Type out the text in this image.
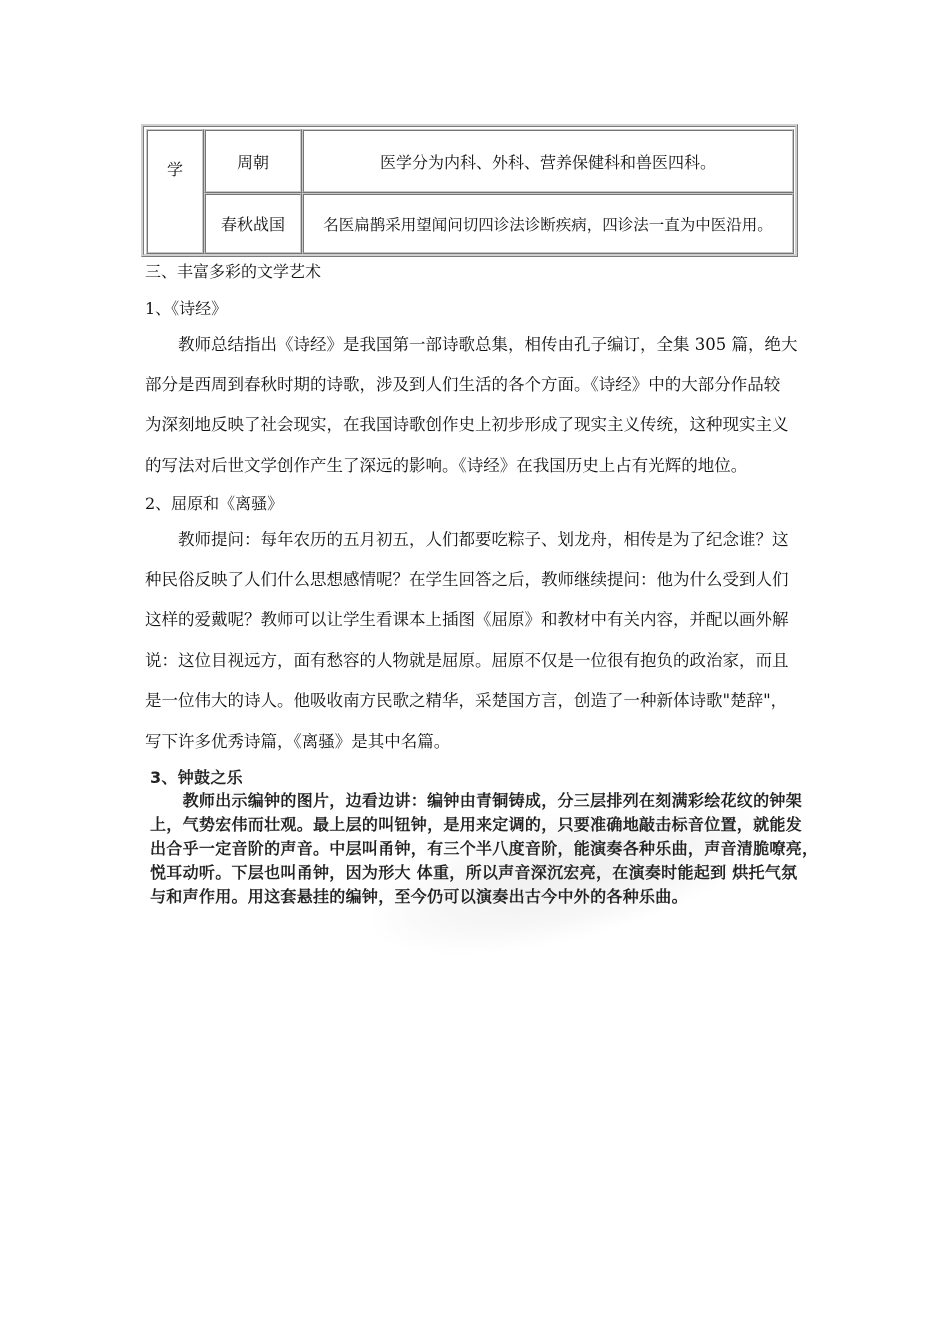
学	周朝	医学分为内科、外科、营养保健科和兽医四科。
春秋战国 名医扁鹊采用望闻问切四诊法诊断疾病，四诊法一直为中医沿用。

三、丰富多彩的文学艺术

1、《诗经》

　　教师总结指出《诗经》是我国第一部诗歌总集，相传由孔子编订，全集 305 篇，绝大
部分是西周到春秋时期的诗歌，涉及到人们生活的各个方面。《诗经》中的大部分作品较
为深刻地反映了社会现实，在我国诗歌创作史上初步形成了现实主义传统，这种现实主义
的写法对后世文学创作产生了深远的影响。《诗经》在我国历史上占有光辉的地位。

2、屈原和《离骚》

　　教师提问：每年农历的五月初五，人们都要吃粽子、划龙舟，相传是为了纪念谁？这
种民俗反映了人们什么思想感情呢？在学生回答之后，教师继续提问：他为什么受到人们
这样的爱戴呢？教师可以让学生看课本上插图《屈原》和教材中有关内容，并配以画外解
说：这位目视远方，面有愁容的人物就是屈原。屈原不仅是一位很有抱负的政治家，而且
是一位伟大的诗人。他吸收南方民歌之精华，采楚国方言，创造了一种新体诗歌"楚辞"，
写下许多优秀诗篇，《离骚》是其中名篇。
3、钟鼓之乐
　　教师出示编钟的图片，边看边讲：编钟由青铜铸成，分三层排列在刻满彩绘花纹的钟架
上，气势宏伟而壮观。最上层的叫钮钟，是用来定调的，只要准确地敲击标音位置，就能发
出合乎一定音阶的声音。中层叫甬钟，有三个半八度音阶，能演奏各种乐曲，声音清脆嘹亮，
悦耳动听。下层也叫甬钟，因为形大 体重，所以声音深沉宏亮，在演奏时能起到 烘托气氛
与和声作用。用这套悬挂的编钟，至今仍可以演奏出古今中外的各种乐曲。
